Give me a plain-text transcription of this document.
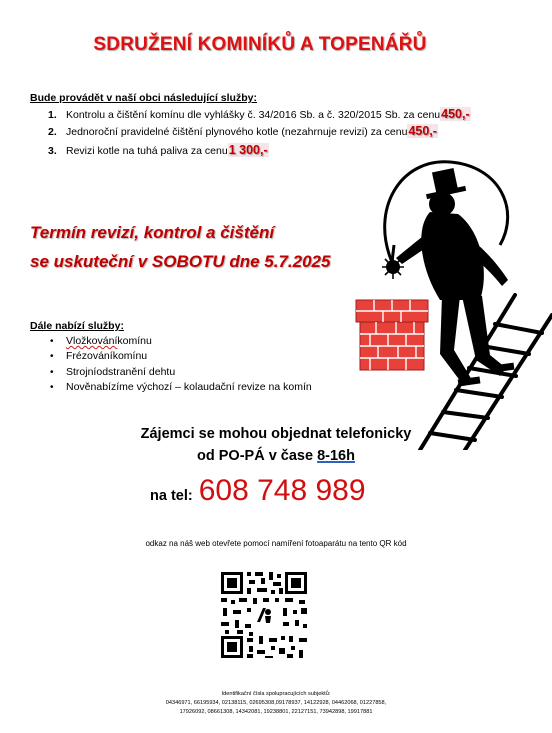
SDRUŽENÍ KOMINÍKŮ A TOPENÁŘŮ
Bude provádět v naší obci následující služby:
1. Kontrolu a čištění komínu dle vyhlášky č. 34/2016 Sb. a č. 320/2015 Sb. za cenu 450,-
2. Jednoroční pravidelné čištění plynového kotle (nezahrnuje revizi) za cenu 450,-
3. Revizi kotle na tuhá paliva za cenu 1 300,-
Termín revizí, kontrol a čištění
se uskuteční v SOBOTU dne 5.7.2025
Dále nabízí služby:
•	Vložkování komínu
•	Frézování komínu
•	Strojní odstranění dehtu
•	Nově nabízíme výchozí – kolaudační revize na komín
Zájemci se mohou objednat telefonicky
od PO-PÁ v čase 8-16h
na tel: 608 748 989
odkaz na náš web otevřete pomocí namíření fotoaparátu na tento QR kód
Identifikační čísla spolupracujících subjektů:
04346971, 66195934, 02138115, 02695308,09178937, 14122928, 04462068, 01227858,
17926092, 08661308, 14342081, 19238801, 22127151, 73942898, 19917881
